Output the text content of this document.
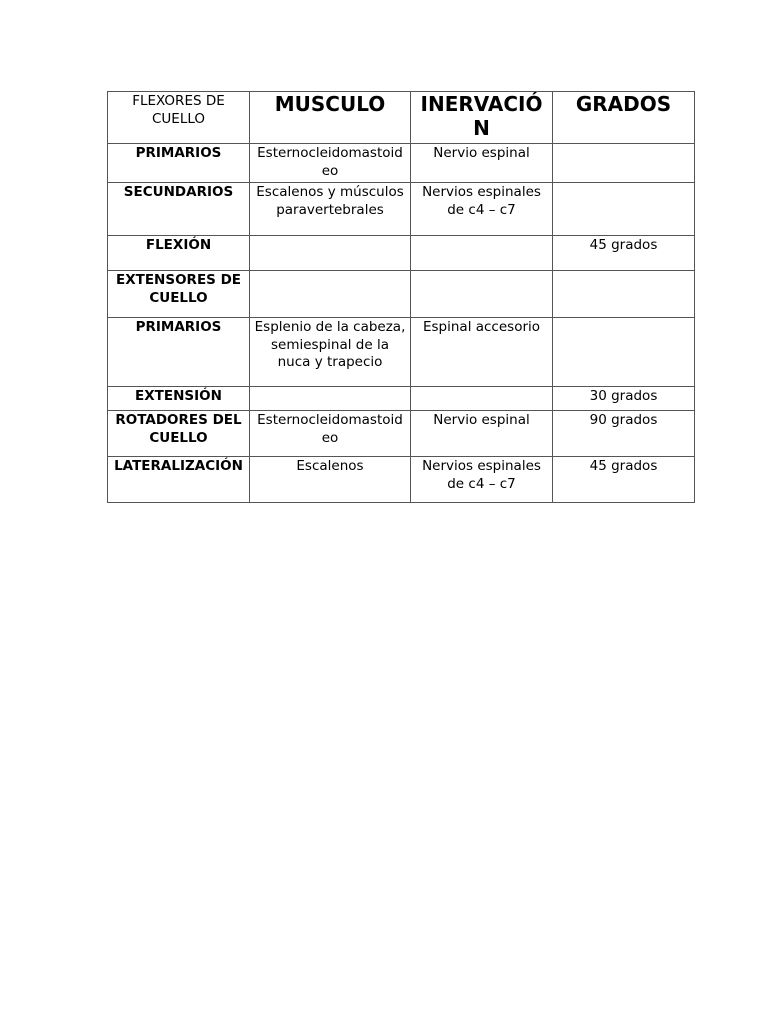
FLEXORES DE CUELLO	MUSCULO	INERVACIÓN	GRADOS
PRIMARIOS	Esternocleidomastoideo	Nervio espinal	
SECUNDARIOS	Escalenos y músculos paravertebrales	Nervios espinales de c4 – c7	
FLEXIÓN			45 grados
EXTENSORES DE CUELLO			
PRIMARIOS	Esplenio de la cabeza, semiespinal de la nuca y trapecio	Espinal accesorio	
EXTENSIÓN			30 grados
ROTADORES DEL CUELLO	Esternocleidomastoideo	Nervio espinal	90 grados
LATERALIZACIÓN	Escalenos	Nervios espinales de c4 – c7	45 grados
